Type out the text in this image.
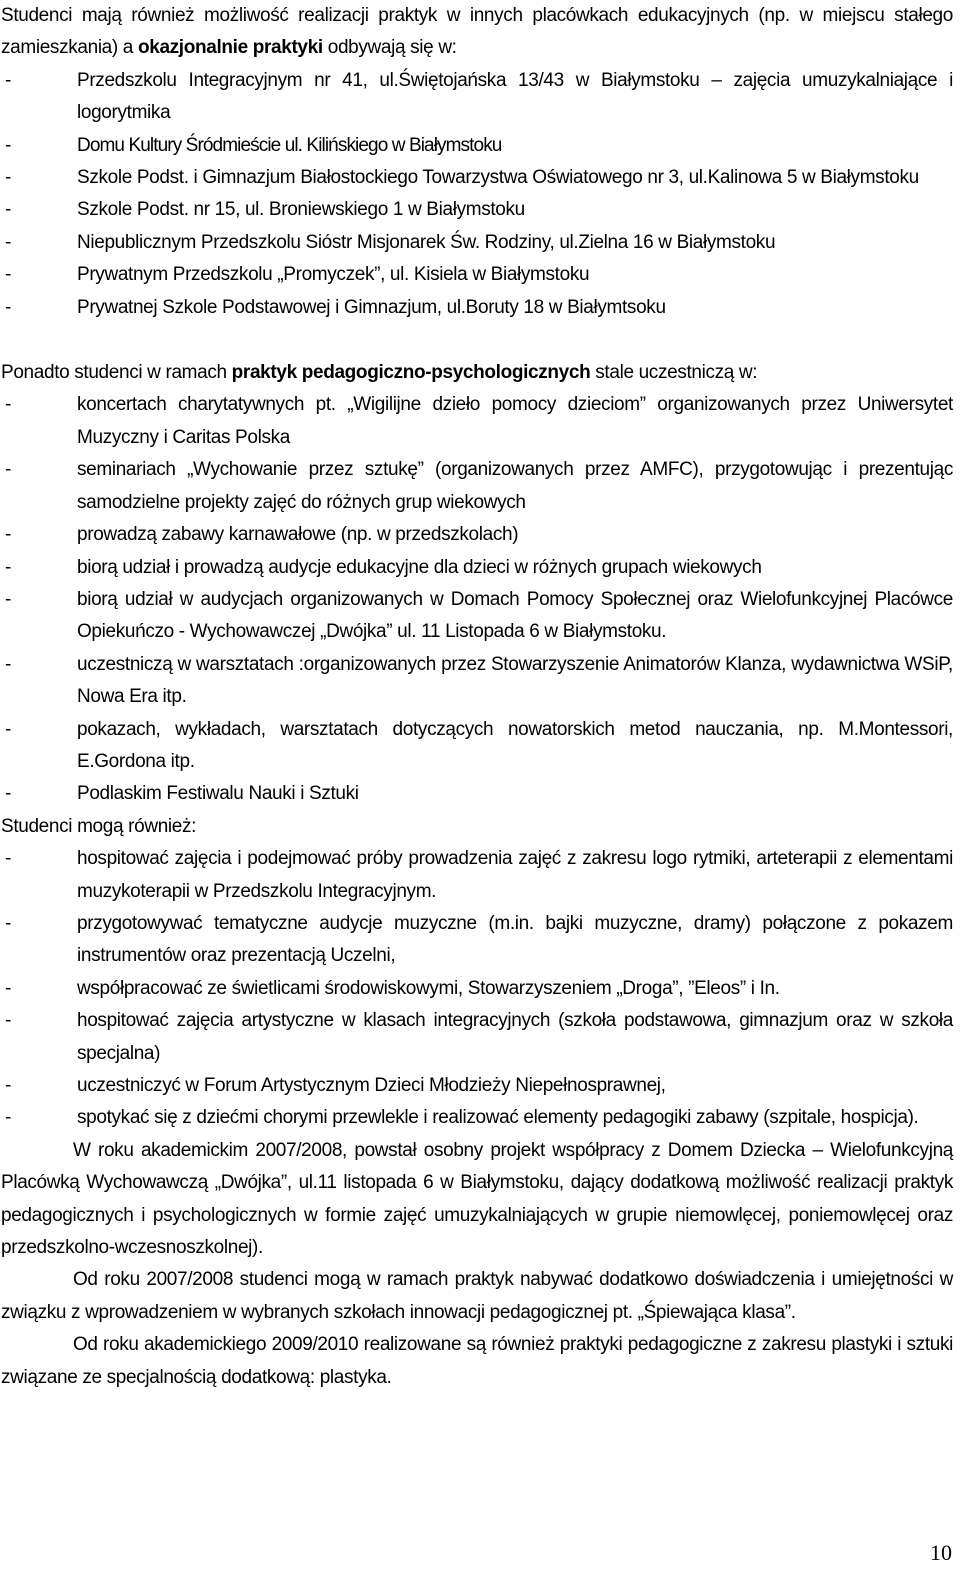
Studenci mają również możliwość realizacji praktyk w innych placówkach edukacyjnych (np. w miejscu stałego zamieszkania) a okazjonalnie praktyki odbywają się w:

-	Przedszkolu Integracyjnym nr 41, ul.Świętojańska 13/43 w Białymstoku – zajęcia umuzykalniające i logorytmika
-	Domu Kultury Śródmieście ul. Kilińskiego w Białymstoku
-	Szkole Podst. i Gimnazjum Białostockiego Towarzystwa Oświatowego nr 3, ul.Kalinowa 5 w Białymstoku
-	Szkole Podst. nr 15, ul. Broniewskiego 1 w Białymstoku
-	Niepublicznym Przedszkolu Sióstr Misjonarek Św. Rodziny, ul.Zielna 16 w Białymstoku
-	Prywatnym Przedszkolu „Promyczek”, ul. Kisiela w Białymstoku
-	Prywatnej Szkole Podstawowej i Gimnazjum, ul.Boruty 18 w Białymtsoku

Ponadto studenci w ramach praktyk pedagogiczno-psychologicznych stale uczestniczą w:

-	koncertach charytatywnych pt. „Wigilijne dzieło pomocy dzieciom” organizowanych przez Uniwersytet Muzyczny i Caritas Polska
-	seminariach „Wychowanie przez sztukę” (organizowanych przez AMFC), przygotowując i prezentując samodzielne projekty zajęć do różnych grup wiekowych
-	prowadzą zabawy karnawałowe (np. w przedszkolach)
-	biorą udział i prowadzą audycje edukacyjne dla dzieci w różnych grupach wiekowych
-	biorą udział w audycjach organizowanych w Domach Pomocy Społecznej oraz Wielofunkcyjnej Placówce Opiekuńczo - Wychowawczej „Dwójka” ul. 11 Listopada 6 w Białymstoku.
-	uczestniczą w warsztatach :organizowanych przez Stowarzyszenie Animatorów Klanza, wydawnictwa WSiP, Nowa Era itp.
-	pokazach, wykładach, warsztatach dotyczących nowatorskich metod nauczania, np. M.Montessori, E.Gordona itp.
-	Podlaskim Festiwalu Nauki i Sztuki

Studenci mogą również:

-	hospitować zajęcia i podejmować próby prowadzenia zajęć z zakresu logo rytmiki, arteterapii z elementami muzykoterapii w Przedszkolu Integracyjnym.
-	przygotowywać tematyczne audycje muzyczne (m.in. bajki muzyczne, dramy) połączone z pokazem instrumentów oraz prezentacją Uczelni,
-	współpracować ze świetlicami środowiskowymi, Stowarzyszeniem „Droga”, ”Eleos” i In.
-	hospitować zajęcia artystyczne w klasach integracyjnych (szkoła podstawowa, gimnazjum oraz w szkoła specjalna)
-	uczestniczyć w Forum Artystycznym Dzieci Młodzieży Niepełnosprawnej,
-	spotykać się z dziećmi chorymi przewlekle i realizować elementy pedagogiki zabawy (szpitale, hospicja).

W roku akademickim 2007/2008, powstał osobny projekt współpracy z Domem Dziecka – Wielofunkcyjną Placówką Wychowawczą „Dwójka”, ul.11 listopada 6 w Białymstoku, dający dodatkową możliwość realizacji praktyk pedagogicznych i psychologicznych w formie zajęć umuzykalniających w grupie niemowlęcej, poniemowlęcej oraz przedszkolno-wczesnoszkolnej).

Od roku 2007/2008 studenci mogą w ramach praktyk nabywać dodatkowo doświadczenia i umiejętności w związku z wprowadzeniem w wybranych szkołach innowacji pedagogicznej pt. „Śpiewająca klasa”.

Od roku akademickiego 2009/2010 realizowane są również praktyki pedagogiczne z zakresu plastyki i sztuki związane ze specjalnością dodatkową: plastyka.

10
